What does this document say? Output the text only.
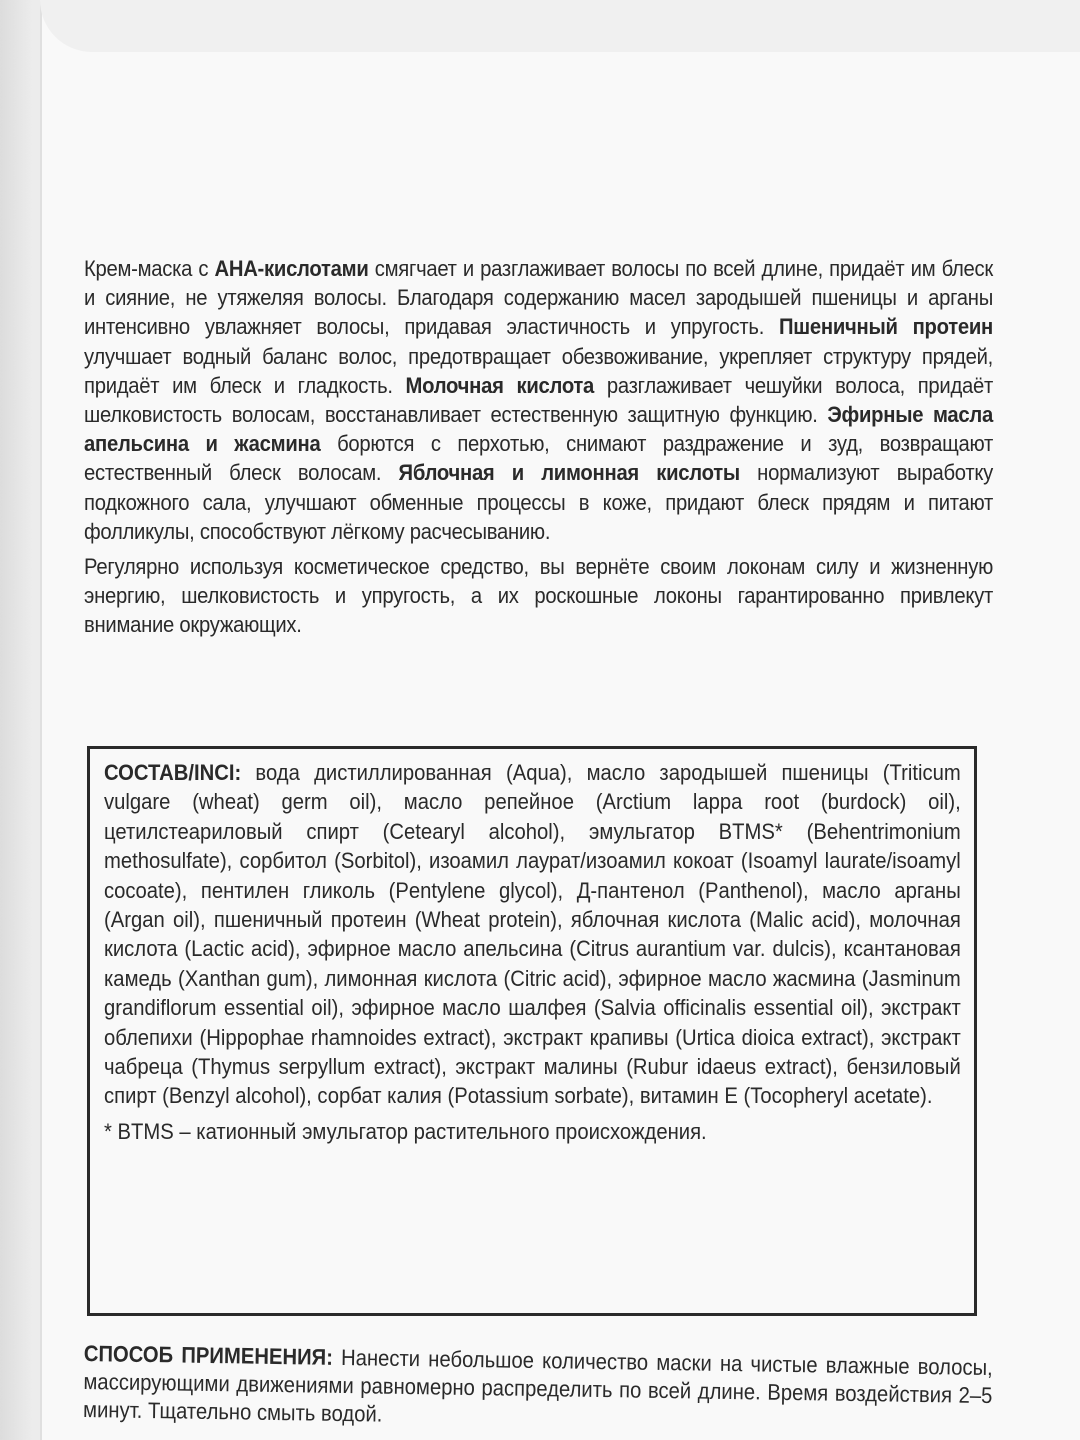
Крем-маска с АНА-кислотами смягчает и разглаживает волосы по всей длине, придаёт им блеск и сияние, не утяжеляя волосы. Благодаря содержанию масел зародышей пшеницы и арганы интенсивно увлажняет волосы, придавая эластичность и упругость. Пшеничный протеин улучшает водный баланс волос, предотвращает обезвоживание, укрепляет структуру прядей, придаёт им блеск и гладкость. Молочная кислота разглаживает чешуйки волоса, придаёт шелковистость волосам, восстанавливает естественную защитную функцию. Эфирные масла апельсина и жасмина борются с перхотью, снимают раздражение и зуд, возвращают естественный блеск волосам. Яблочная и лимонная кислоты нормализуют выработку подкожного сала, улучшают обменные процессы в коже, придают блеск прядям и питают фолликулы, способствуют лёгкому расчесыванию.

Регулярно используя косметическое средство, вы вернёте своим локонам силу и жизненную энергию, шелковистость и упругость, а их роскошные локоны гарантированно привлекут внимание окружающих.

СОСТАВ/INCI: вода дистиллированная (Aqua), масло зародышей пшеницы (Triticum vulgare (wheat) germ oil), масло репейное (Arctium lappa root (burdock) oil), цетилстеариловый спирт (Cetearyl alcohol), эмульгатор BTMS* (Behentrimonium methosulfate), сорбитол (Sorbitol), изоамил лаурат/изоамил кокоат (Isoamyl laurate/isoamyl cocoate), пентилен гликоль (Pentylene glycol), Д-пантенол (Panthenol), масло арганы (Argan oil), пшеничный протеин (Wheat protein), яблочная кислота (Malic acid), молочная кислота (Lactic acid), эфирное масло апельсина (Citrus aurantium var. dulcis), ксантановая камедь (Xanthan gum), лимонная кислота (Citric acid), эфирное масло жасмина (Jasminum grandiflorum essential oil), эфирное масло шалфея (Salvia officinalis essential oil), экстракт облепихи (Hippophae rhamnoides extract), экстракт крапивы (Urtica dioica extract), экстракт чабреца (Thymus serpyllum extract), экстракт малины (Rubur idaeus extract), бензиловый спирт (Benzyl alcohol), сорбат калия (Potassium sorbate), витамин Е (Tocopheryl acetate).

* BTMS – катионный эмульгатор растительного происхождения.

СПОСОБ ПРИМЕНЕНИЯ: Нанести небольшое количество маски на чистые влажные волосы, массирующими движениями равномерно распределить по всей длине. Время воздействия 2–5 минут. Тщательно смыть водой.
